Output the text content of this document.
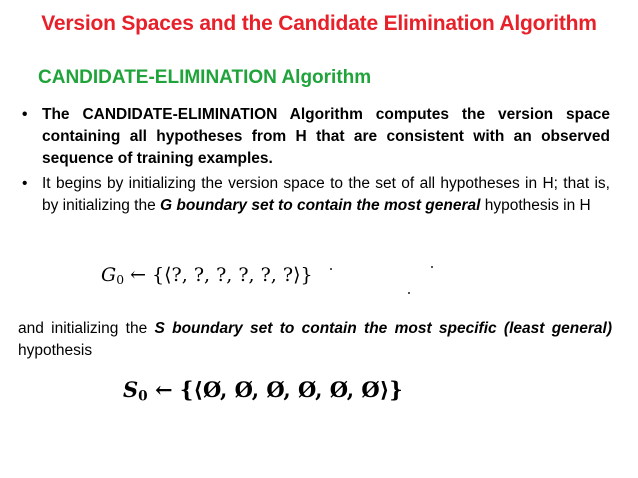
Version Spaces and the Candidate Elimination Algorithm
CANDIDATE-ELIMINATION Algorithm
• The CANDIDATE-ELIMINATION Algorithm computes the version space containing all hypotheses from H that are consistent with an observed sequence of training examples.
• It begins by initializing the version space to the set of all hypotheses in H; that is, by initializing the G boundary set to contain the most general hypothesis in H
$G_0$ ← {⟨?, ?, ?, ?, ?, ?⟩}
and initializing the S boundary set to contain the most specific (least general) hypothesis
$S_0$ ← {⟨Ø, Ø, Ø, Ø, Ø, Ø⟩}
